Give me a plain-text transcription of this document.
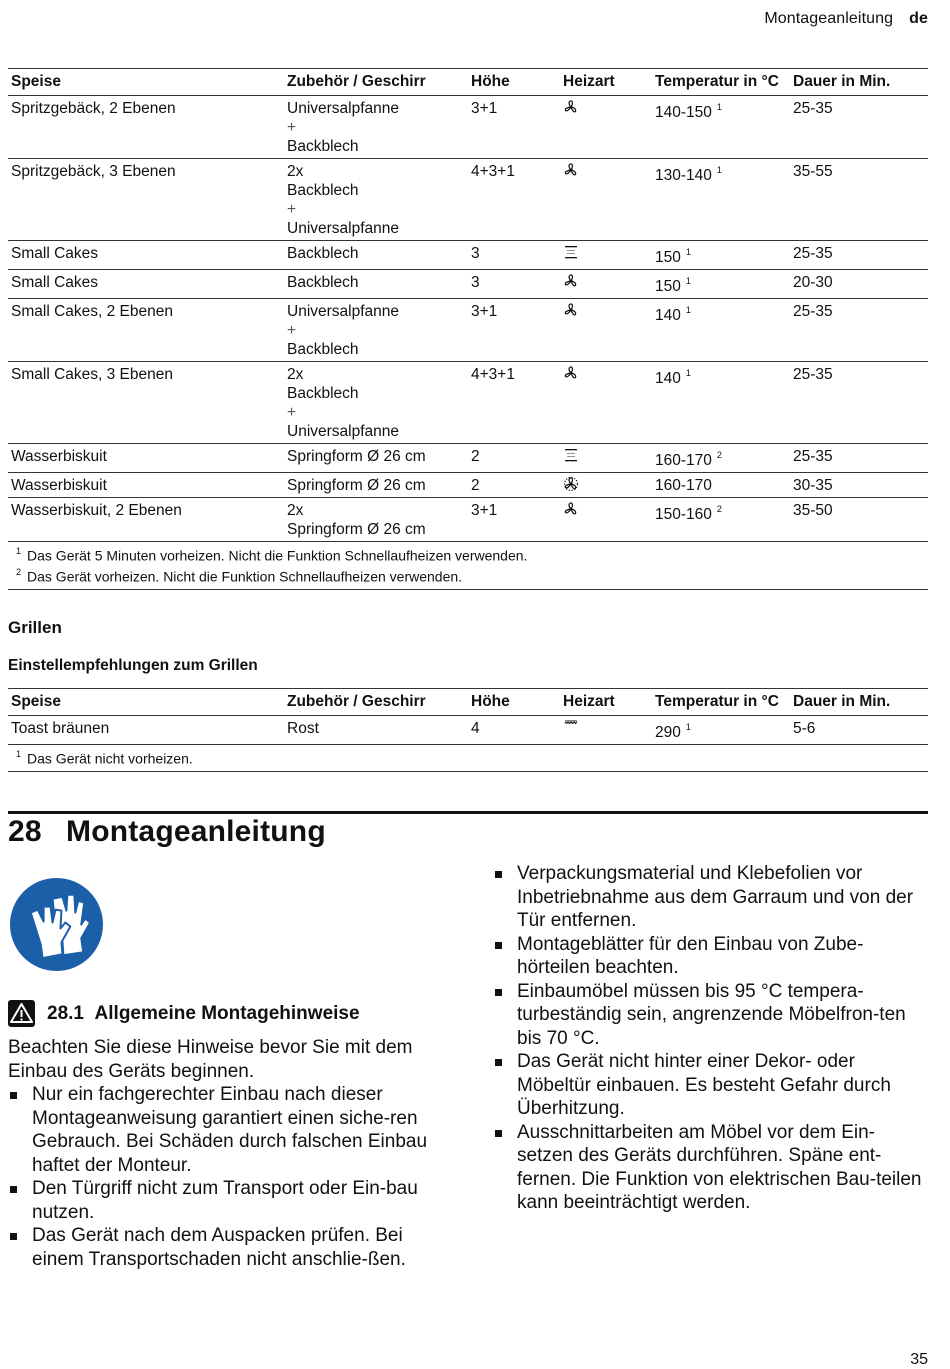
Montageanleitung de
Speise	Zubehör / Geschirr	Höhe	Heizart	Temperatur in °C	Dauer in Min.
Spritzgebäck, 2 Ebenen	Universalpfanne
+
Backblech	3+1		140-150 $^1$	25-35
Spritzgebäck, 3 Ebenen	2x
Backblech
+
Universalpfanne	4+3+1		130-140 $^1$	35-55
Small Cakes	Backblech	3		150 $^1$	25-35
Small Cakes	Backblech	3		150 $^1$	20-30
Small Cakes, 2 Ebenen	Universalpfanne
+
Backblech	3+1		140 $^1$	25-35
Small Cakes, 3 Ebenen	2x
Backblech
+
Universalpfanne	4+3+1		140 $^1$	25-35
Wasserbiskuit	Springform Ø 26 cm	2		160-170 $^2$	25-35
Wasserbiskuit	Springform Ø 26 cm	2		160-170	30-35
Wasserbiskuit, 2 Ebenen	2x
Springform Ø 26 cm	3+1		150-160 $^2$	35-50

$^1$ Das Gerät 5 Minuten vorheizen. Nicht die Funktion Schnellaufheizen verwenden.
$^2$ Das Gerät vorheizen. Nicht die Funktion Schnellaufheizen verwenden.					
Grillen
Einstellempfehlungen zum Grillen
Speise	Zubehör / Geschirr	Höhe	Heizart	Temperatur in °C	Dauer in Min.
Toast bräunen	Rost	4		290 $^1$	5-6

$^1$ Das Gerät nicht vorheizen.					
28 Montageanleitung
28.1
Allgemeine Montagehinweise

Beachten Sie diese Hinweise bevor Sie mit dem Einbau des Geräts beginnen.

Nur ein fachgerechter Einbau nach dieser Montageanweisung garantiert einen siche-ren Gebrauch. Bei Schäden durch falschen Einbau haftet der Monteur.
Den Türgriff nicht zum Transport oder Ein-bau nutzen.
Das Gerät nach dem Auspacken prüfen. Bei einem Transportschaden nicht anschlie-ßen.
Verpackungsmaterial und Klebefolien vor Inbetriebnahme aus dem Garraum und von der Tür entfernen.
Montageblätter für den Einbau von Zube-hörteilen beachten.
Einbaumöbel müssen bis 95 °C tempera-turbeständig sein, angrenzende Möbelfron-ten bis 70 °C.
Das Gerät nicht hinter einer Dekor- oder Möbeltür einbauen. Es besteht Gefahr durch Überhitzung.
Ausschnittarbeiten am Möbel vor dem Ein-setzen des Geräts durchführen. Späne ent-fernen. Die Funktion von elektrischen Bau-teilen kann beeinträchtigt werden.
35
